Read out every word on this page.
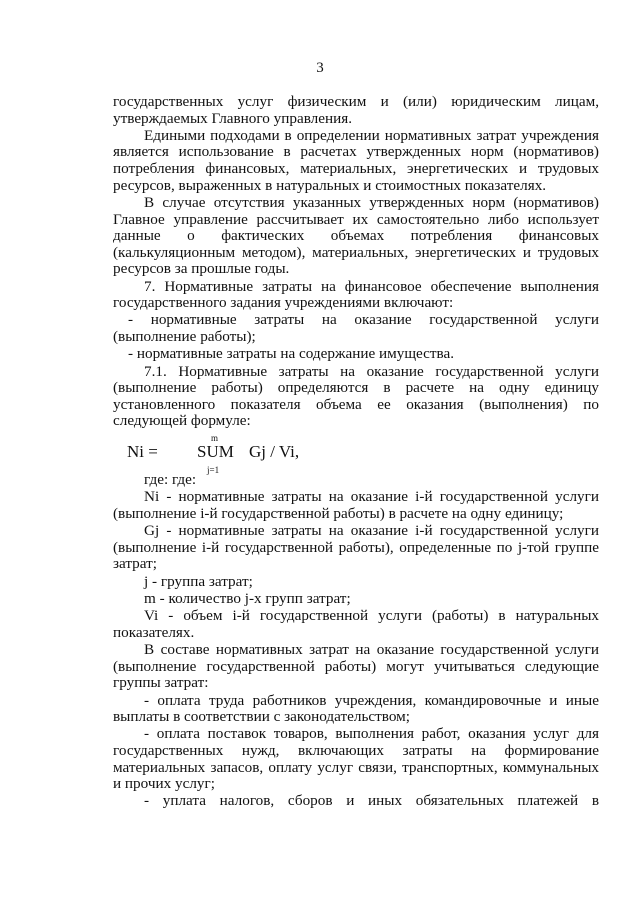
3

государственных услуг физическим и (или) юридическим лицам, утверждаемых Главного управления.

Едиными подходами в определении нормативных затрат учреждения является использование в расчетах утвержденных норм (нормативов) потребления финансовых, материальных, энергетических и трудовых ресурсов, выраженных в натуральных и стоимостных показателях.

В случае отсутствия указанных утвержденных норм (нормативов) Главное управление рассчитывает их самостоятельно либо использует данные о фактических объемах потребления финансовых (калькуляционным методом), материальных, энергетических и трудовых ресурсов за прошлые годы.

7. Нормативные затраты на финансовое обеспечение выполнения государственного задания учреждениями включают:

- нормативные затраты на оказание государственной услуги (выполнение работы);

- нормативные затраты на содержание имущества.

7.1. Нормативные затраты на оказание государственной услуги (выполнение работы) определяются в расчете на одну единицу установленного показателя объема ее оказания (выполнения) по следующей формуле:

Ni =
m
SUM
j=1
Gj / Vi,

где: где:

Ni - нормативные затраты на оказание i-й государственной услуги (выполнение i-й государственной работы) в расчете на одну единицу;

Gj - нормативные затраты на оказание i-й государственной услуги (выполнение i-й государственной работы), определенные по j-той группе затрат;

j - группа затрат;

m - количество j-х групп затрат;

Vi - объем i-й государственной услуги (работы) в натуральных показателях.

В составе нормативных затрат на оказание государственной услуги (выполнение государственной работы) могут учитываться следующие группы затрат:

- оплата труда работников учреждения, командировочные и иные выплаты в соответствии с законодательством;

- оплата поставок товаров, выполнения работ, оказания услуг для государственных нужд, включающих затраты на формирование материальных запасов, оплату услуг связи, транспортных, коммунальных и прочих услуг;

- уплата налогов, сборов и иных обязательных платежей в
